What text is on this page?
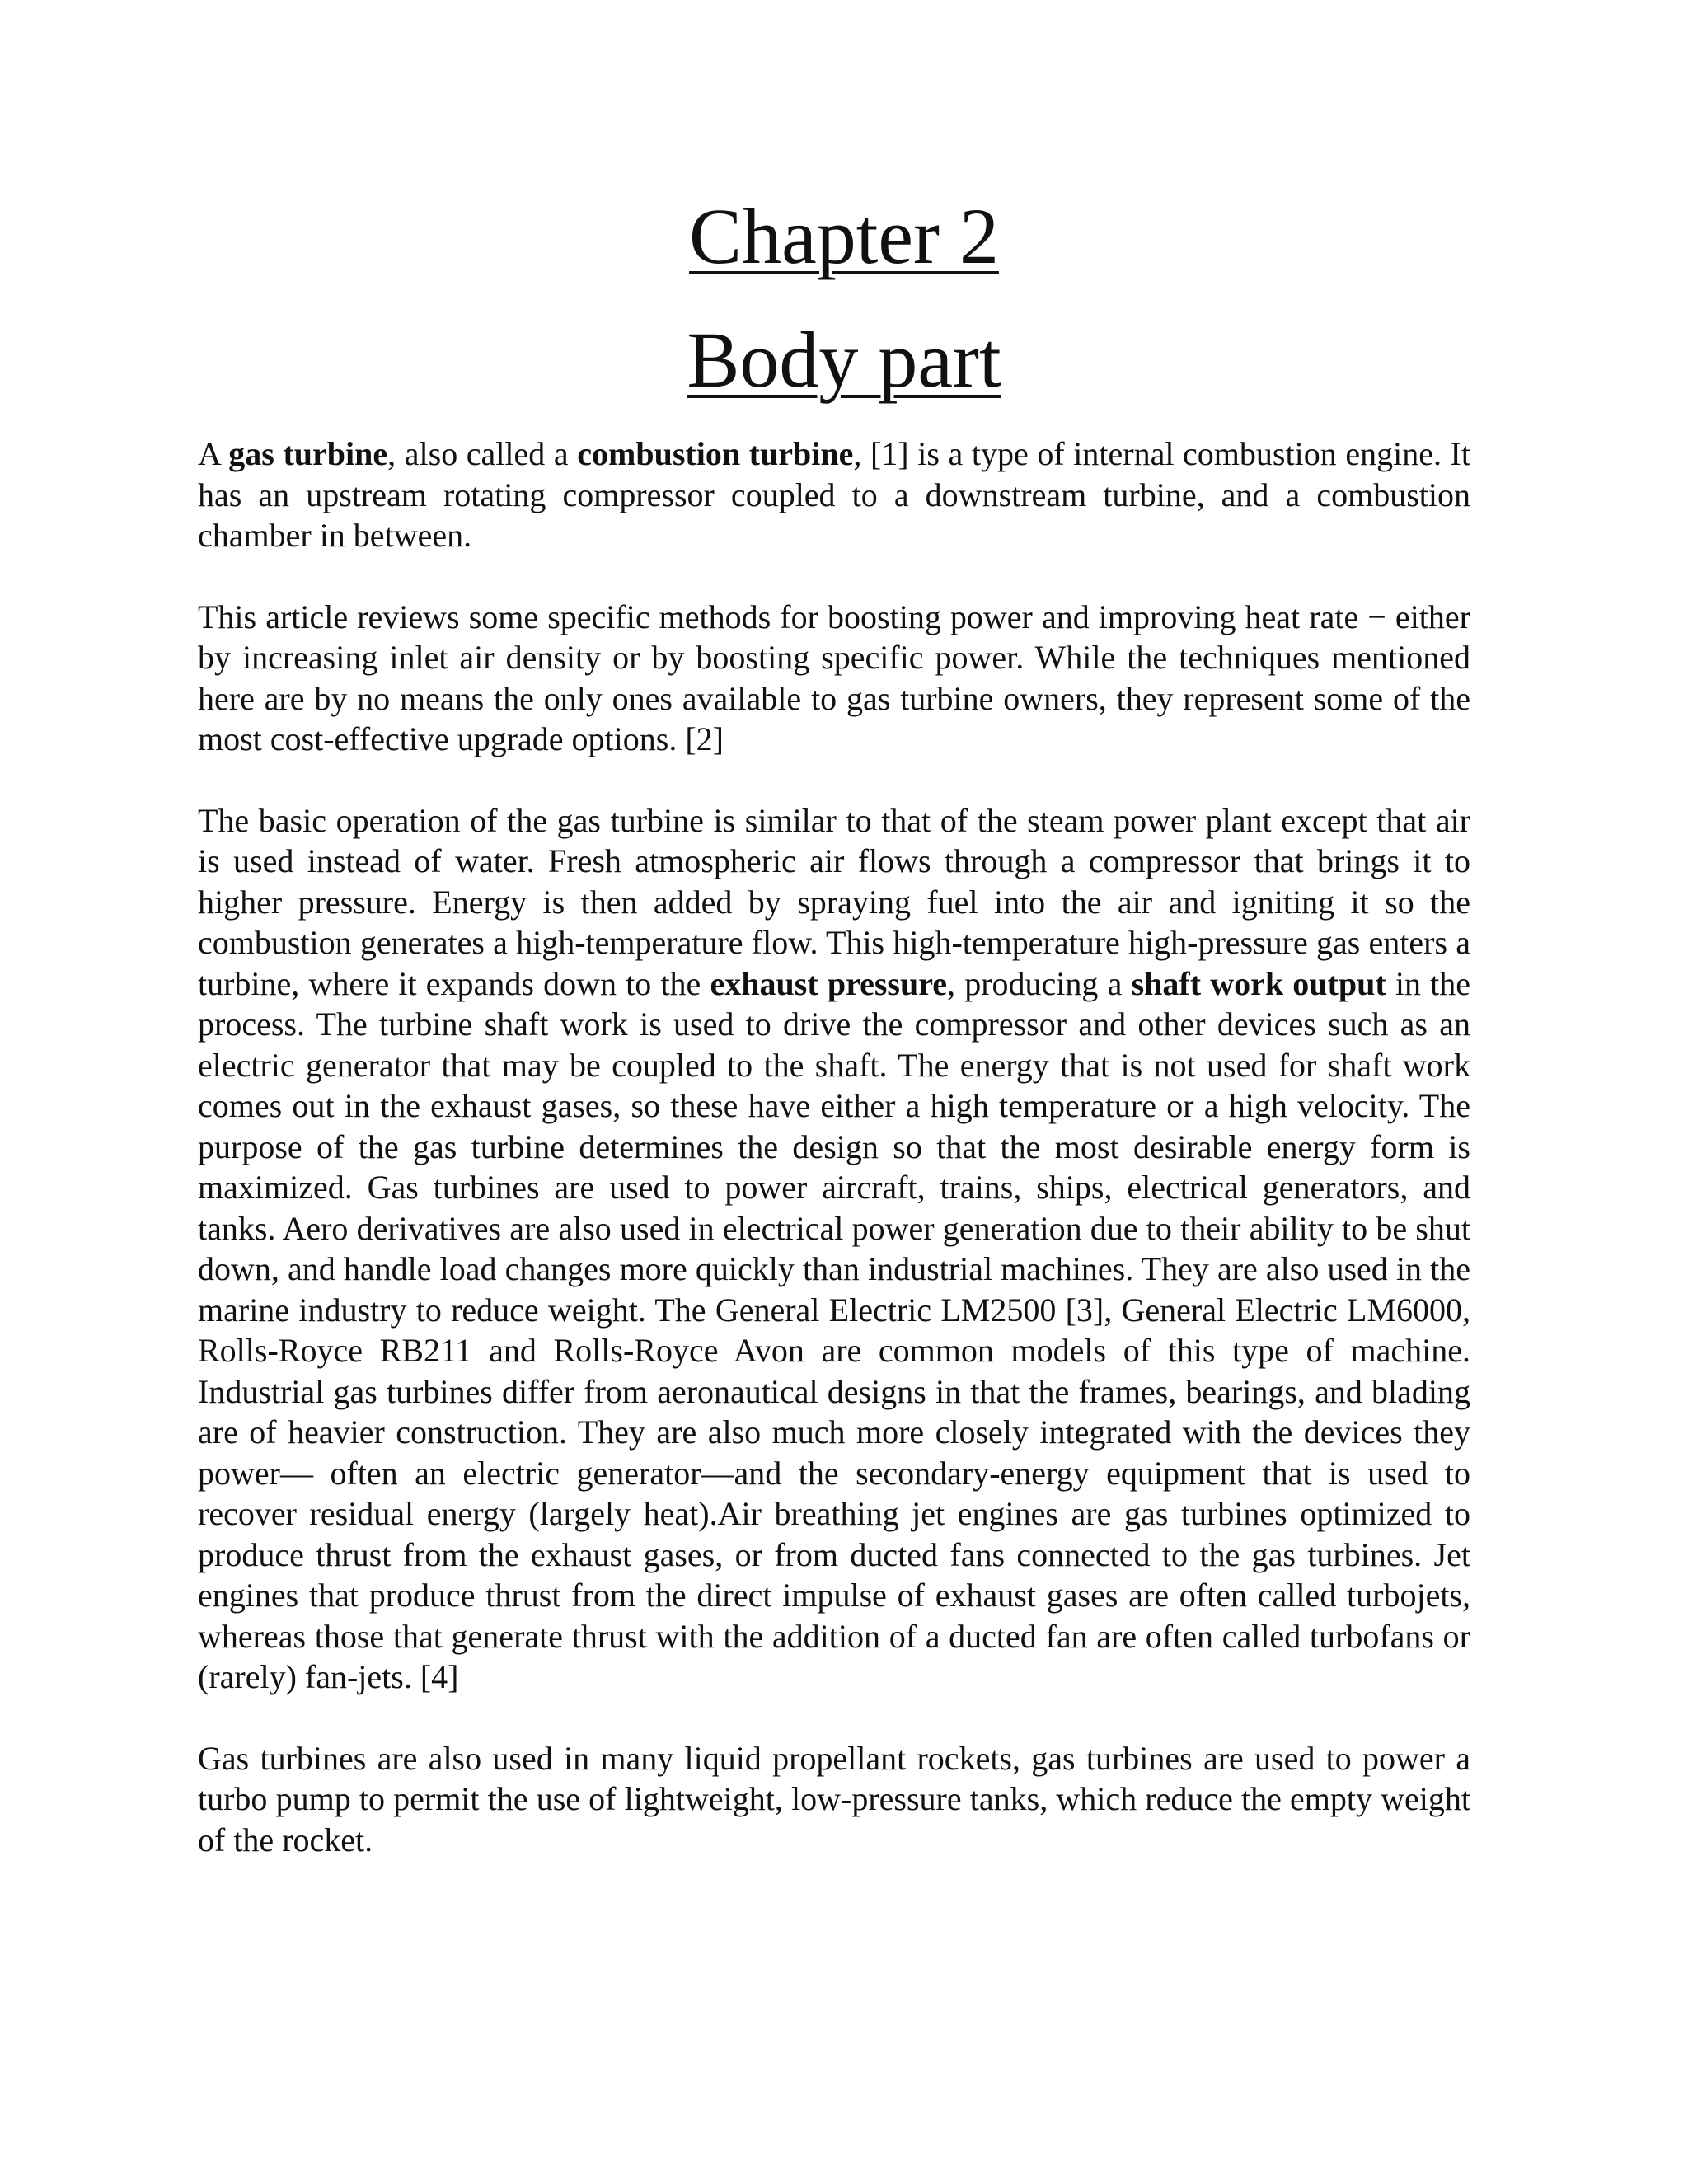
Chapter 2
Body part

A gas turbine, also called a combustion turbine, [1] is a type of internal combustion engine. It has an upstream rotating compressor coupled to a downstream turbine, and a combustion chamber in between.

This article reviews some specific methods for boosting power and improving heat rate − either by increasing inlet air density or by boosting specific power. While the techniques mentioned here are by no means the only ones available to gas turbine owners, they represent some of the most cost-effective upgrade options. [2]

The basic operation of the gas turbine is similar to that of the steam power plant except that air is used instead of water. Fresh atmospheric air flows through a compressor that brings it to higher pressure. Energy is then added by spraying fuel into the air and igniting it so the combustion generates a high-temperature flow. This high-temperature high-pressure gas enters a turbine, where it expands down to the exhaust pressure, producing a shaft work output in the process. The turbine shaft work is used to drive the compressor and other devices such as an electric generator that may be coupled to the shaft. The energy that is not used for shaft work comes out in the exhaust gases, so these have either a high temperature or a high velocity. The purpose of the gas turbine determines the design so that the most desirable energy form is maximized. Gas turbines are used to power aircraft, trains, ships, electrical generators, and tanks. Aero derivatives are also used in electrical power generation due to their ability to be shut down, and handle load changes more quickly than industrial machines. They are also used in the marine industry to reduce weight. The General Electric LM2500 [3], General Electric LM6000, Rolls-Royce RB211 and Rolls-Royce Avon are common models of this type of machine. Industrial gas turbines differ from aeronautical designs in that the frames, bearings, and blading are of heavier construction. They are also much more closely integrated with the devices they power— often an electric generator—and the secondary-energy equipment that is used to recover residual energy (largely heat).Air breathing jet engines are gas turbines optimized to produce thrust from the exhaust gases, or from ducted fans connected to the gas turbines. Jet engines that produce thrust from the direct impulse of exhaust gases are often called turbojets, whereas those that generate thrust with the addition of a ducted fan are often called turbofans or (rarely) fan-jets. [4]

Gas turbines are also used in many liquid propellant rockets, gas turbines are used to power a turbo pump to permit the use of lightweight, low-pressure tanks, which reduce the empty weight of the rocket.
